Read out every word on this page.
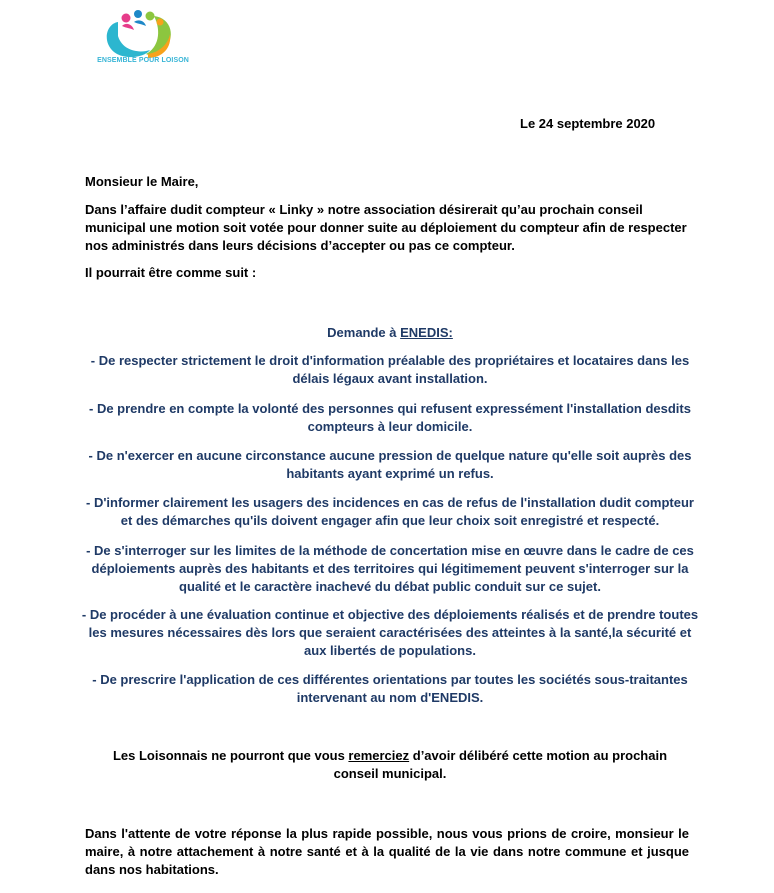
ENSEMBLE POUR LOISON
Le 24 septembre 2020
Monsieur le Maire,
Dans l’affaire dudit compteur « Linky » notre association désirerait qu’au prochain conseil municipal une motion soit votée pour donner suite au déploiement du compteur afin de respecter nos administrés dans leurs décisions d’accepter ou pas ce compteur.
Il pourrait être comme suit :
Demande à ENEDIS:
- De respecter strictement le droit d'information préalable des propriétaires et locataires dans les délais légaux avant installation.
- De prendre en compte la volonté des personnes qui refusent expressément l'installation desdits compteurs à leur domicile.
- De n'exercer en aucune circonstance aucune pression de quelque nature qu'elle soit auprès des habitants ayant exprimé un refus.
- D'informer clairement les usagers des incidences en cas de refus de l'installation dudit compteur et des démarches qu'ils doivent engager afin que leur choix soit enregistré et respecté.
- De s'interroger sur les limites de la méthode de concertation mise en œuvre dans le cadre de ces déploiements auprès des habitants et des territoires qui légitimement peuvent s'interroger sur la qualité et le caractère inachevé du débat public conduit sur ce sujet.
- De procéder à une évaluation continue et objective des déploiements réalisés et de prendre toutes les mesures nécessaires dès lors que seraient caractérisées des atteintes à la santé,la sécurité et aux libertés de populations.
- De prescrire l'application de ces différentes orientations par toutes les sociétés sous-traitantes intervenant au nom d'ENEDIS.
Les Loisonnais ne pourront que vous remerciez d’avoir délibéré cette motion au prochain conseil municipal.
Dans l'attente de votre réponse la plus rapide possible, nous vous prions de croire, monsieur le maire, à notre attachement à notre santé et à la qualité de la vie dans notre commune et jusque dans nos habitations.
